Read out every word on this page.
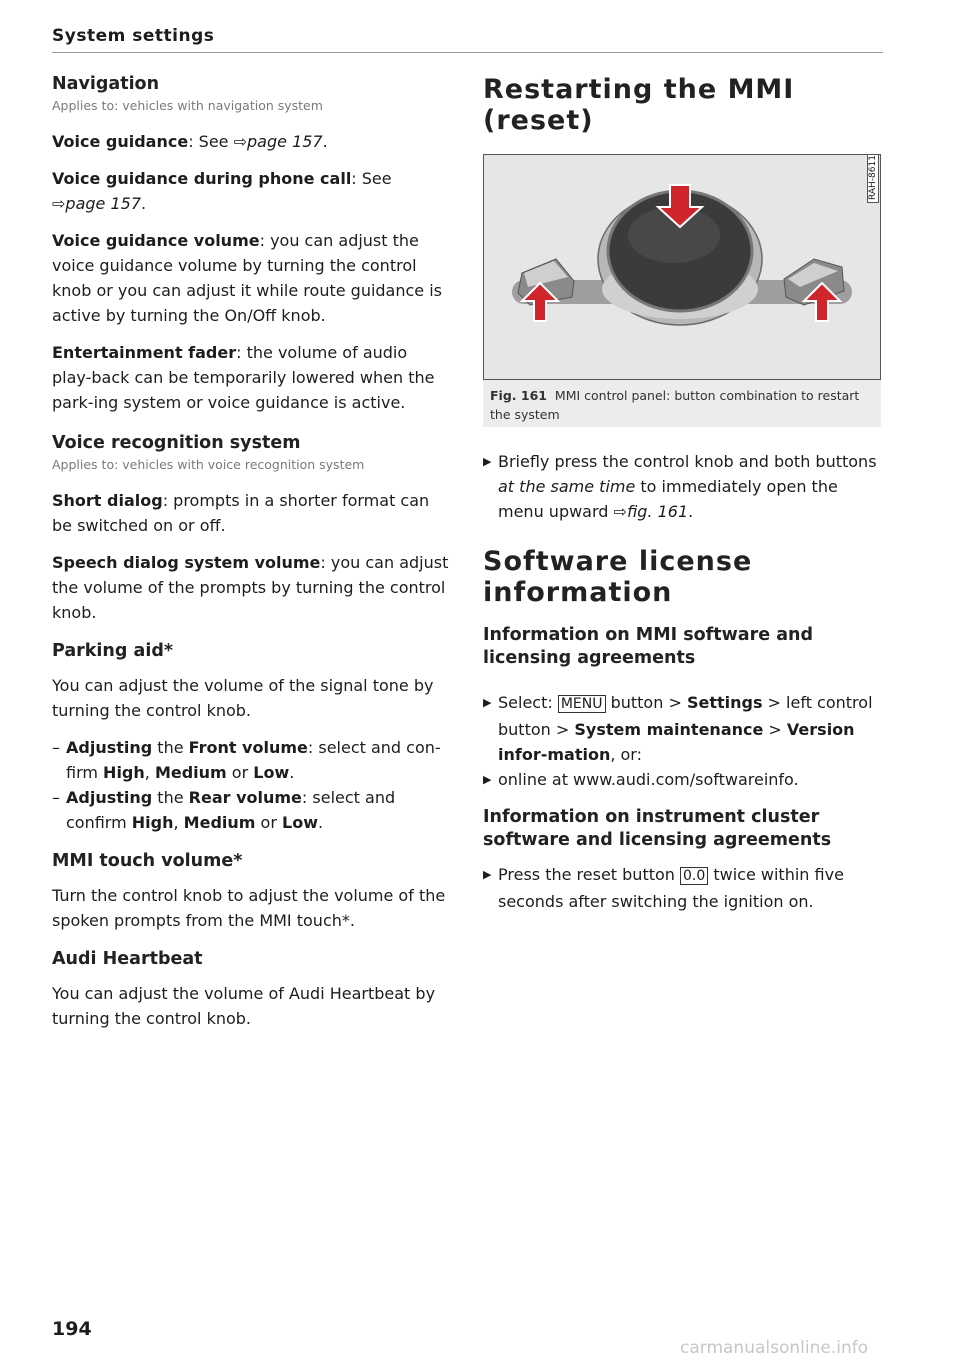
System settings
Navigation
Applies to: vehicles with navigation system

Voice guidance: See ⇨page 157.

Voice guidance during phone call: See
⇨page 157.

Voice guidance volume: you can adjust the voice guidance volume by turning the control knob or you can adjust it while route guidance is active by turning the On/Off knob.

Entertainment fader: the volume of audio play-back can be temporarily lowered when the park-ing system or voice guidance is active.

Voice recognition system
Applies to: vehicles with voice recognition system

Short dialog: prompts in a shorter format can be switched on or off.

Speech dialog system volume: you can adjust the volume of the prompts by turning the control knob.

Parking aid*

You can adjust the volume of the signal tone by turning the control knob.

– Adjusting the Front volume: select and con-firm High, Medium or Low.
– Adjusting the Rear volume: select and confirm High, Medium or Low.
MMI touch volume*

Turn the control knob to adjust the volume of the spoken prompts from the MMI touch*.

Audi Heartbeat

You can adjust the volume of Audi Heartbeat by turning the control knob.

Restarting the MMI (reset)
RAH-8611
Fig. 161 MMI control panel: button combination to restart the system
▶ Briefly press the control knob and both buttons at the same time to immediately open the menu upward ⇨fig. 161.
Software license information
Information on MMI software and licensing agreements
▶ Select: MENU button > Settings > left control button > System maintenance > Version infor-mation, or:
▶ online at www.audi.com/softwareinfo.
Information on instrument cluster software and licensing agreements
▶ Press the reset button 0.0 twice within five seconds after switching the ignition on.
194
carmanualsonline.info
